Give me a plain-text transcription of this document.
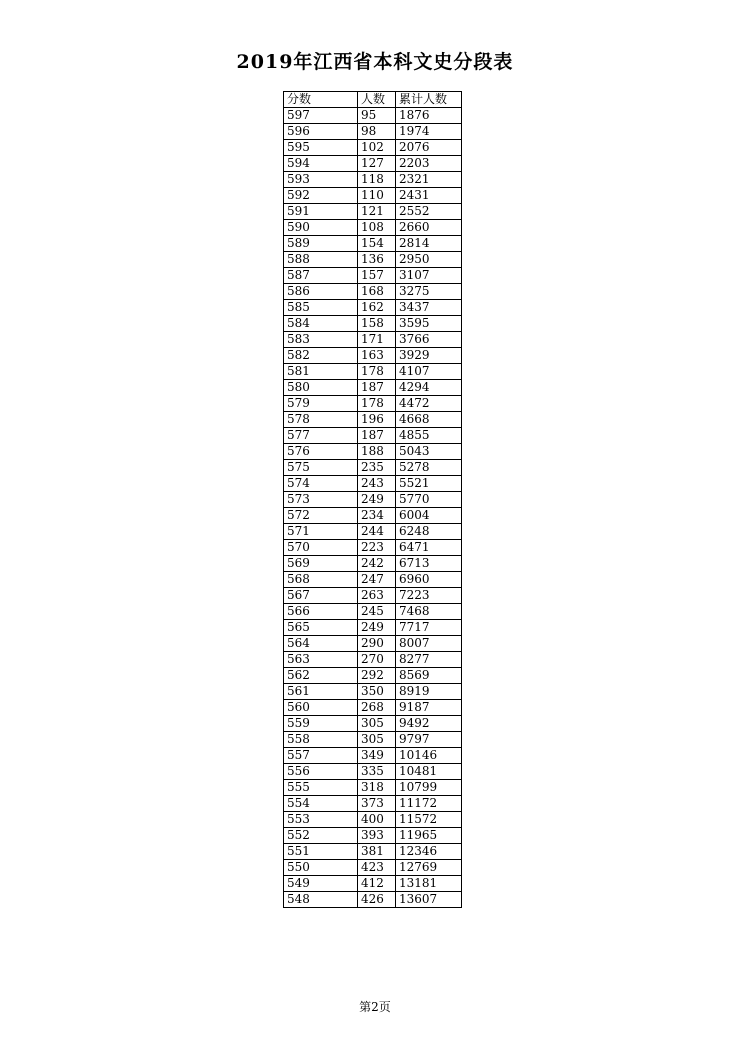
2019年江西省本科文史分段表
分数	人数	累计人数
597	95	1876
596	98	1974
595	102	2076
594	127	2203
593	118	2321
592	110	2431
591	121	2552
590	108	2660
589	154	2814
588	136	2950
587	157	3107
586	168	3275
585	162	3437
584	158	3595
583	171	3766
582	163	3929
581	178	4107
580	187	4294
579	178	4472
578	196	4668
577	187	4855
576	188	5043
575	235	5278
574	243	5521
573	249	5770
572	234	6004
571	244	6248
570	223	6471
569	242	6713
568	247	6960
567	263	7223
566	245	7468
565	249	7717
564	290	8007
563	270	8277
562	292	8569
561	350	8919
560	268	9187
559	305	9492
558	305	9797
557	349	10146
556	335	10481
555	318	10799
554	373	11172
553	400	11572
552	393	11965
551	381	12346
550	423	12769
549	412	13181
548	426	13607
第2页
